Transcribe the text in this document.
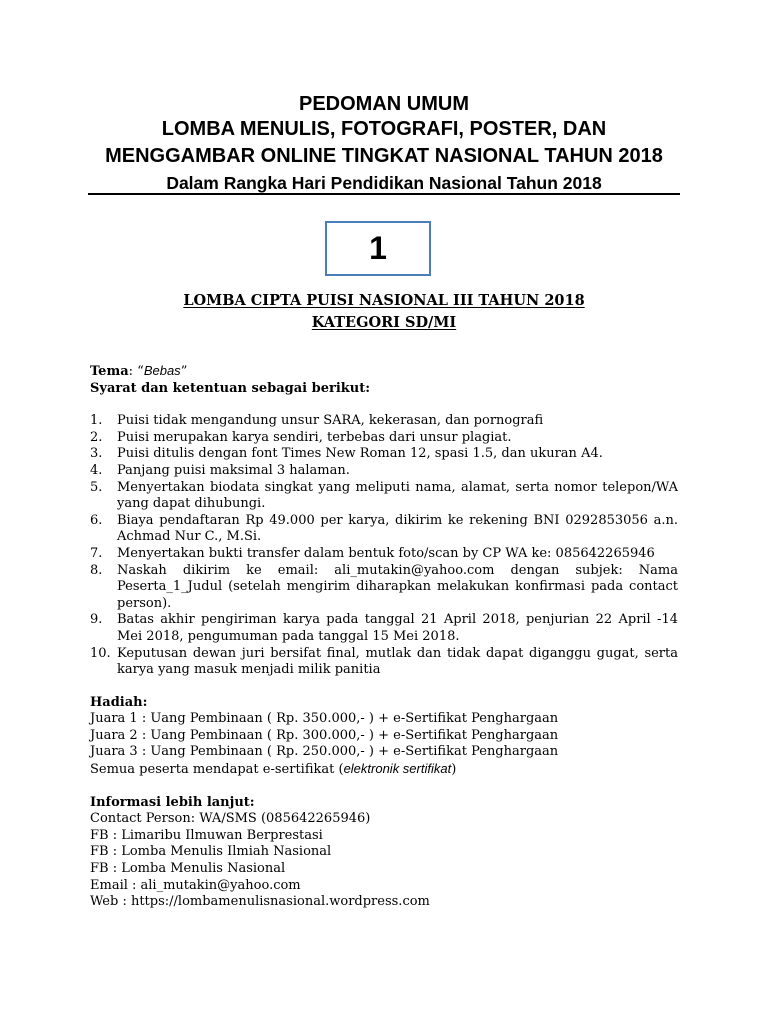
PEDOMAN UMUM
LOMBA MENULIS, FOTOGRAFI, POSTER, DAN
MENGGAMBAR ONLINE TINGKAT NASIONAL TAHUN 2018
Dalam Rangka Hari Pendidikan Nasional Tahun 2018
1
LOMBA CIPTA PUISI NASIONAL III TAHUN 2018
KATEGORI SD/MI
Tema: “Bebas”
Syarat dan ketentuan sebagai berikut:
1. Puisi tidak mengandung unsur SARA, kekerasan, dan pornografi
2. Puisi merupakan karya sendiri, terbebas dari unsur plagiat.
3. Puisi ditulis dengan font Times New Roman 12, spasi 1.5, dan ukuran A4.
4. Panjang puisi maksimal 3 halaman.
5. Menyertakan biodata singkat yang meliputi nama, alamat, serta nomor telepon/WA yang dapat dihubungi.
6. Biaya pendaftaran Rp 49.000 per karya, dikirim ke rekening BNI 0292853056 a.n. Achmad Nur C., M.Si.
7. Menyertakan bukti transfer dalam bentuk foto/scan by CP WA ke: 085642265946
8. Naskah dikirim ke email: ali_mutakin@yahoo.com dengan subjek: Nama Peserta_1_Judul (setelah mengirim diharapkan melakukan konfirmasi pada contact person).
9. Batas akhir pengiriman karya pada tanggal 21 April 2018, penjurian 22 April -14 Mei 2018, pengumuman pada tanggal 15 Mei 2018.
10. Keputusan dewan juri bersifat final, mutlak dan tidak dapat diganggu gugat, serta karya yang masuk menjadi milik panitia
Hadiah:
Juara 1 : Uang Pembinaan ( Rp. 350.000,- ) + e-Sertifikat Penghargaan
Juara 2 : Uang Pembinaan ( Rp. 300.000,- ) + e-Sertifikat Penghargaan
Juara 3 : Uang Pembinaan ( Rp. 250.000,- ) + e-Sertifikat Penghargaan
Semua peserta mendapat e-sertifikat (elektronik sertifikat)
Informasi lebih lanjut:
Contact Person: WA/SMS (085642265946)
FB : Limaribu Ilmuwan Berprestasi
FB : Lomba Menulis Ilmiah Nasional
FB : Lomba Menulis Nasional
Email : ali_mutakin@yahoo.com
Web : https://lombamenulisnasional.wordpress.com
